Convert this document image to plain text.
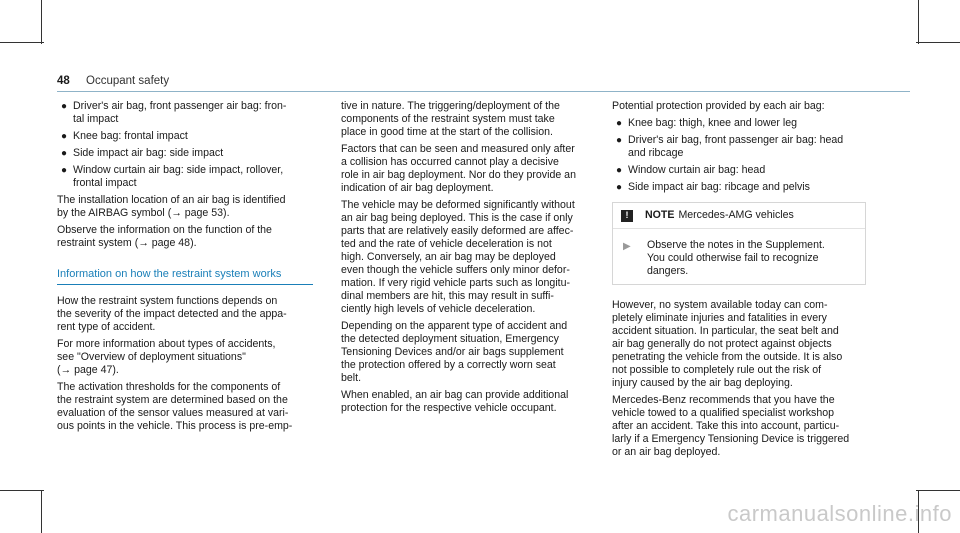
48 Occupant safety
● Driver's air bag, front passenger air bag: fron-
tal impact
● Knee bag: frontal impact
● Side impact air bag: side impact
● Window curtain air bag: side impact, rollover,
frontal impact

The installation location of an air bag is identified
by the AIRBAG symbol (→ page 53).

Observe the information on the function of the
restraint system (→ page 48).

Information on how the restraint system works

How the restraint system functions depends on
the severity of the impact detected and the appa-
rent type of accident.

For more information about types of accidents,
see "Overview of deployment situations"
(→ page 47).

The activation thresholds for the components of
the restraint system are determined based on the
evaluation of the sensor values measured at vari-
ous points in the vehicle. This process is pre-emp-

tive in nature. The triggering/deployment of the
components of the restraint system must take
place in good time at the start of the collision.

Factors that can be seen and measured only after
a collision has occurred cannot play a decisive
role in air bag deployment. Nor do they provide an
indication of air bag deployment.

The vehicle may be deformed significantly without
an air bag being deployed. This is the case if only
parts that are relatively easily deformed are affec-
ted and the rate of vehicle deceleration is not
high. Conversely, an air bag may be deployed
even though the vehicle suffers only minor defor-
mation. If very rigid vehicle parts such as longitu-
dinal members are hit, this may result in suffi-
ciently high levels of vehicle deceleration.

Depending on the apparent type of accident and
the detected deployment situation, Emergency
Tensioning Devices and/or air bags supplement
the protection offered by a correctly worn seat
belt.

When enabled, an air bag can provide additional
protection for the respective vehicle occupant.

Potential protection provided by each air bag:

● Knee bag: thigh, knee and lower leg
● Driver's air bag, front passenger air bag: head
and ribcage
● Window curtain air bag: head
● Side impact air bag: ribcage and pelvis
!	NOTE Mercedes-AMG vehicles
▶	Observe the notes in the Supplement.
You could otherwise fail to recognize
dangers.

However, no system available today can com-
pletely eliminate injuries and fatalities in every
accident situation. In particular, the seat belt and
air bag generally do not protect against objects
penetrating the vehicle from the outside. It is also
not possible to completely rule out the risk of
injury caused by the air bag deploying.

Mercedes-Benz recommends that you have the
vehicle towed to a qualified specialist workshop
after an accident. Take this into account, particu-
larly if a Emergency Tensioning Device is triggered
or an air bag deployed.

carmanualsonline.info
